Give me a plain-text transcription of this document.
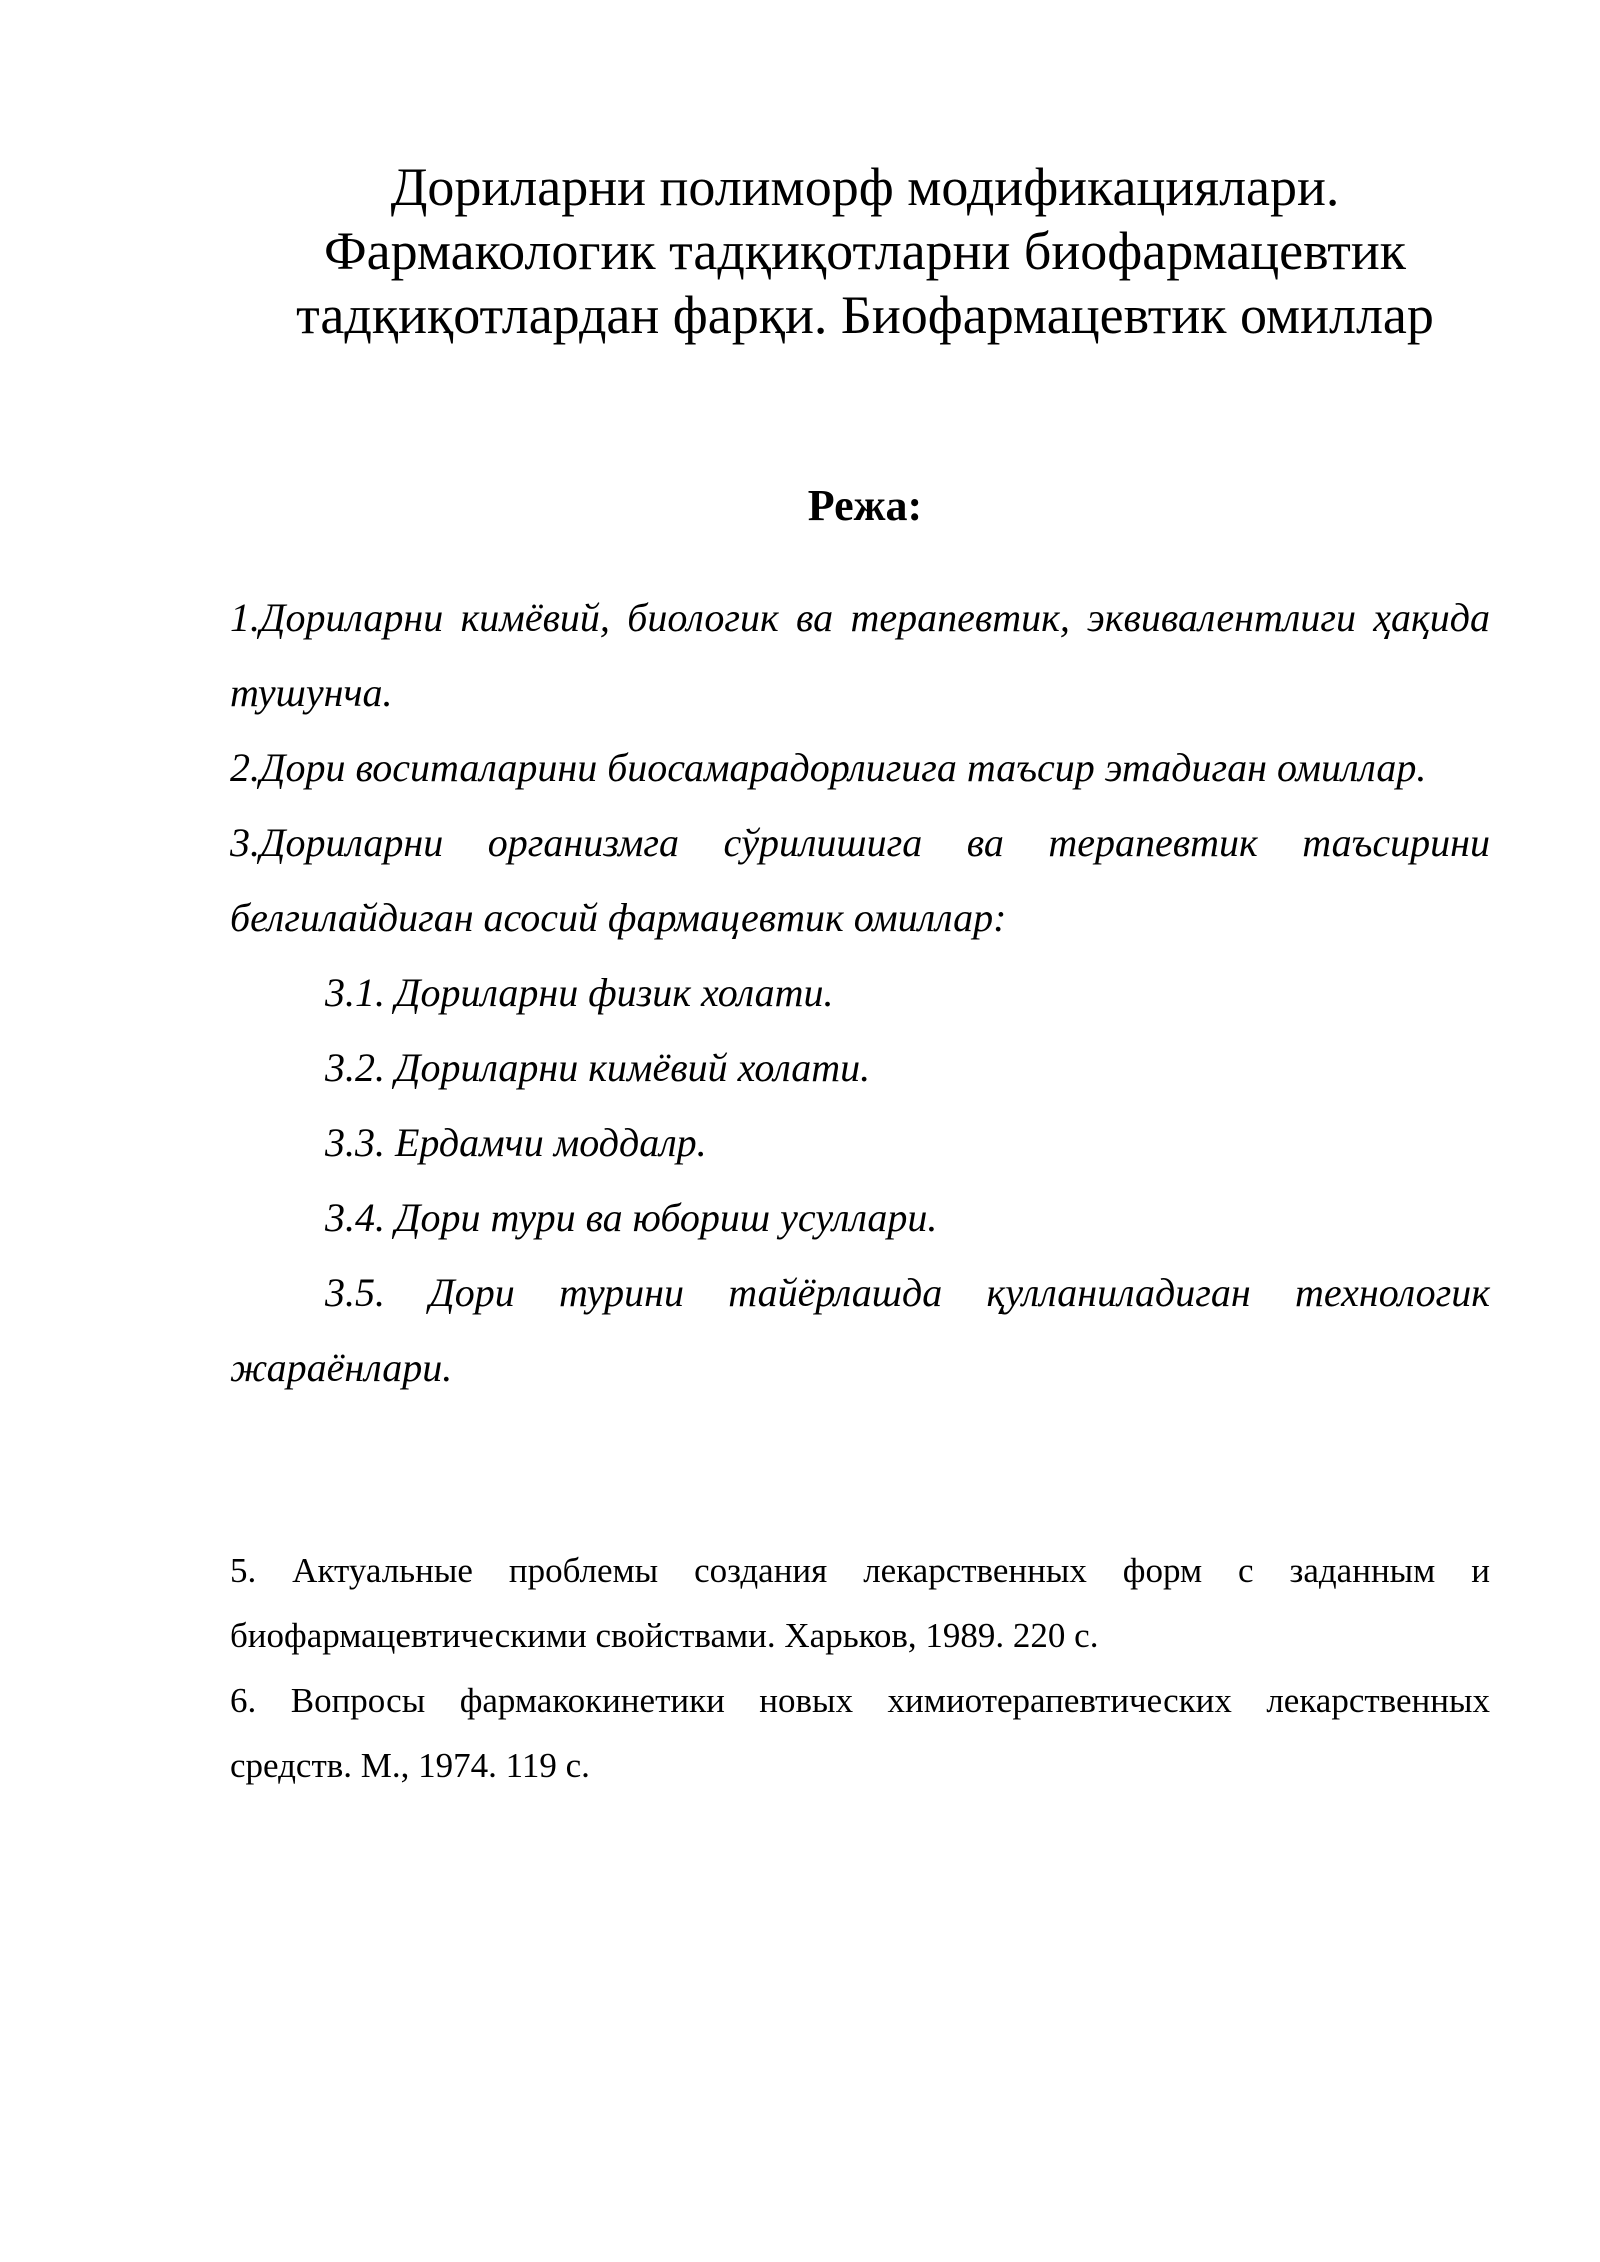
Дориларни полиморф модификациялари.
Фармакологик тадқиқотларни биофармацевтик
тадқиқотлардан фарқи. Биофармацевтик омиллар
Режа:

1.Дориларни кимёвий, биологик ва терапевтик, эквивалентлиги ҳақида тушунча.

2.Дори воситаларини биосамарадорлигига таъсир этадиган омиллар.

3.Дориларни организмга сўрилишига ва терапевтик таъсирини белгилайдиган асосий фармацевтик омиллар:

3.1. Дориларни физик холати.

3.2. Дориларни кимёвий холати.

3.3. Ердамчи моддалр.

3.4. Дори тури ва юбориш усуллари.

3.5. Дори турини тайёрлашда қулланиладиган технологик жараёнлари.

5. Актуальные проблемы создания лекарственных форм с заданным и биофармацевтическими свойствами. Харьков, 1989. 220 с.

6. Вопросы фармакокинетики новых химиотерапевтических лекарственных средств. М., 1974. 119 с.
